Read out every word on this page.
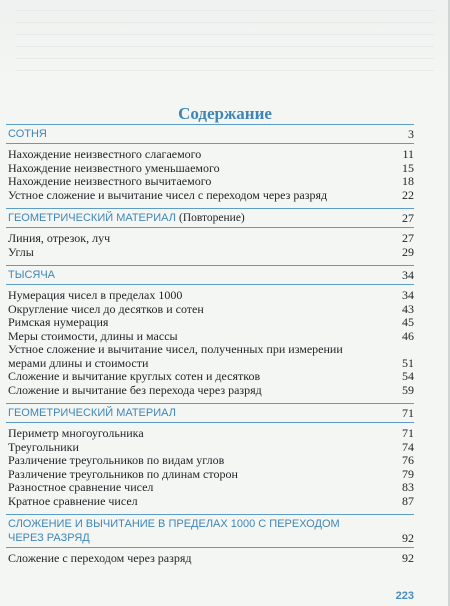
Содержание
СОТНЯ	3
Нахождение неизвестного слагаемого	11
Нахождение неизвестного уменьшаемого	15
Нахождение неизвестного вычитаемого	18
Устное сложение и вычитание чисел с переходом через разряд	22
ГЕОМЕТРИЧЕСКИЙ МАТЕРИАЛ (Повторение)	27
Линия, отрезок, луч	27
Углы	29
ТЫСЯЧА	34
Нумерация чисел в пределах 1000	34
Округление чисел до десятков и сотен	43
Римская нумерация	45
Меры стоимости, длины и массы	46
Устное сложение и вычитание чисел, полученных при измерении мерами длины и стоимости	51
Сложение и вычитание круглых сотен и десятков	54
Сложение и вычитание без перехода через разряд	59
ГЕОМЕТРИЧЕСКИЙ МАТЕРИАЛ	71
Периметр многоугольника	71
Треугольники	74
Различение треугольников по видам углов	76
Различение треугольников по длинам сторон	79
Разностное сравнение чисел	83
Кратное сравнение чисел	87
СЛОЖЕНИЕ И ВЫЧИТАНИЕ В ПРЕДЕЛАХ 1000 С ПЕРЕХОДОМ ЧЕРЕЗ РАЗРЯД	92
Сложение с переходом через разряд	92
223
